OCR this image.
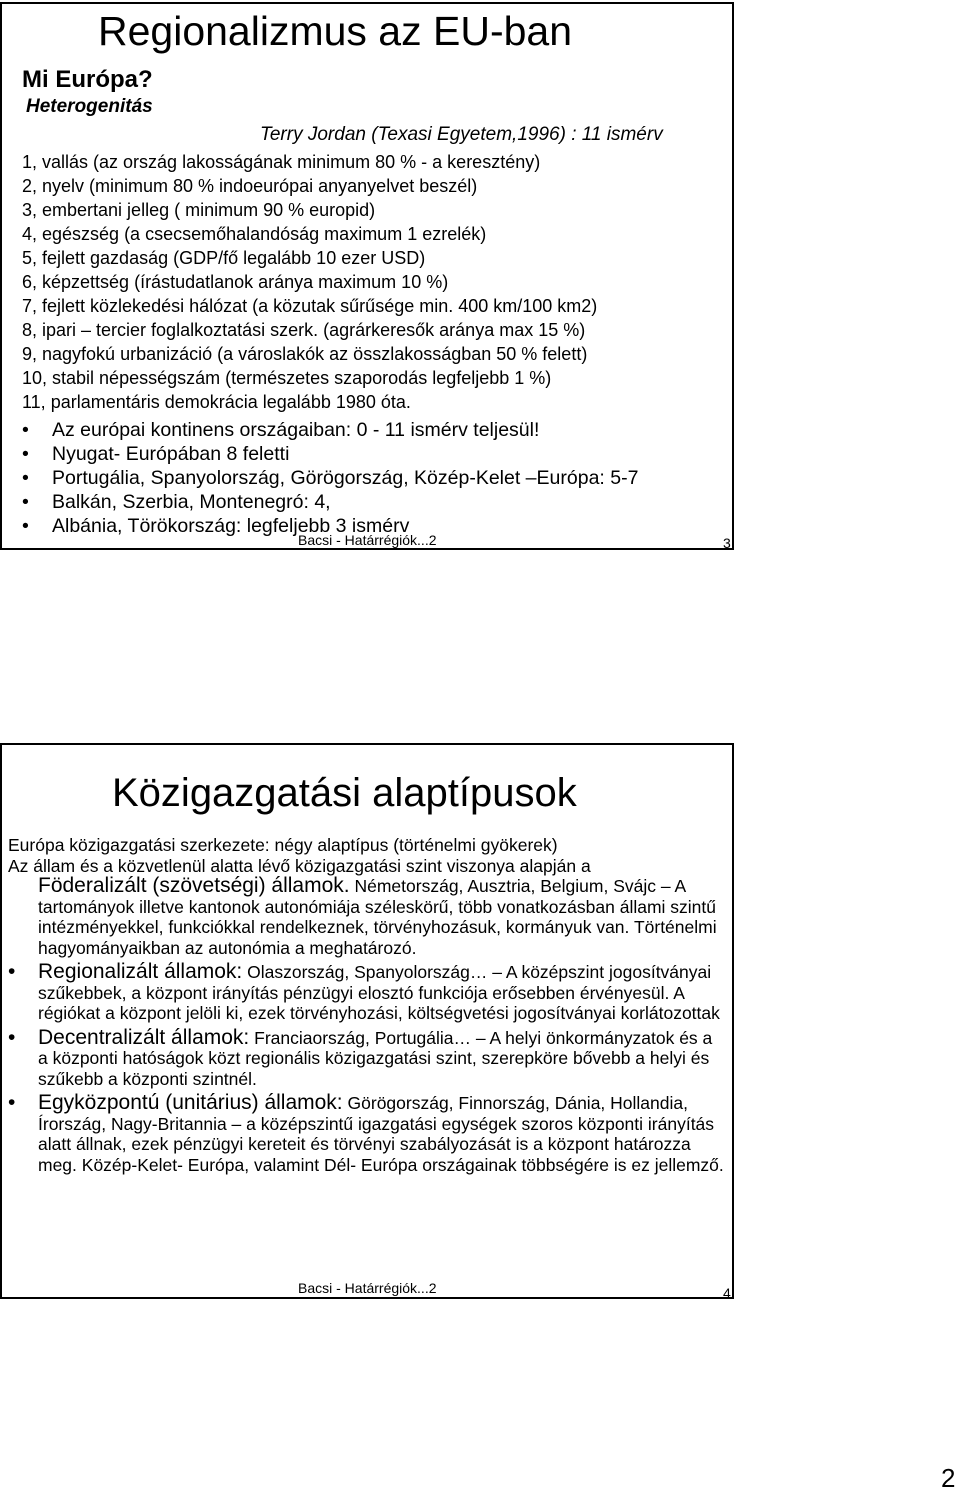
Regionalizmus az EU-ban
Mi Európa?
Heterogenitás
Terry Jordan (Texasi Egyetem,1996) : 11 ismérv
1, vallás (az ország lakosságának minimum 80 % - a keresztény)
2, nyelv (minimum 80 % indoeurópai anyanyelvet beszél)
3, embertani jelleg ( minimum 90 % europid)
4, egészség (a csecsemőhalandóság maximum 1 ezrelék)
5, fejlett gazdaság (GDP/fő legalább 10 ezer USD)
6, képzettség (írástudatlanok aránya maximum 10 %)
7, fejlett közlekedési hálózat (a közutak sűrűsége min. 400 km/100 km2)
8, ipari – tercier foglalkoztatási szerk. (agrárkeresők aránya max 15 %)
9, nagyfokú urbanizáció (a városlakók az összlakosságban 50 % felett)
10, stabil népességszám (természetes szaporodás legfeljebb 1 %)
11, parlamentáris demokrácia legalább 1980 óta.
• Az európai kontinens országaiban: 0 - 11 ismérv teljesül!
• Nyugat- Európában 8 feletti
• Portugália, Spanyolország, Görögország, Közép-Kelet –Európa: 5-7
• Balkán, Szerbia, Montenegró: 4,
• Albánia, Törökország: legfeljebb 3 ismérv
Bacsi - Határrégiók...2	3
Közigazgatási alaptípusok

Európa közigazgatási szerkezete: négy alaptípus (történelmi gyökerek)

Az állam és a közvetlenül alatta lévő közigazgatási szint viszonya alapján a

Föderalizált (szövetségi) államok. Németország, Ausztria, Belgium, Svájc – A tartományok illetve kantonok autonómiája széleskörű, több vonatkozásban állami szintű intézményekkel, funkciókkal rendelkeznek, törvényhozásuk, kormányuk van. Történelmi hagyományaikban az autonómia a meghatározó.

• Regionalizált államok: Olaszország, Spanyolország… – A középszint jogosítványai szűkebbek, a központ irányítás pénzügyi elosztó funkciója erősebben érvényesül. A régiókat a központ jelöli ki, ezek törvényhozási, költségvetési jogosítványai korlátozottak

• Decentralizált államok: Franciaország, Portugália… – A helyi önkormányzatok és a a központi hatóságok közt regionális közigazgatási szint, szerepköre bővebb a helyi és szűkebb a központi szintnél.

• Egyközpontú (unitárius) államok: Görögország, Finnország, Dánia, Hollandia, Írország, Nagy-Britannia – a középszintű igazgatási egységek szoros központi irányítás alatt állnak, ezek pénzügyi kereteit és törvényi szabályozását is a központ határozza meg. Közép-Kelet- Európa, valamint Dél- Európa országainak többségére is ez jellemző.

Bacsi - Határrégiók...2	4
2
